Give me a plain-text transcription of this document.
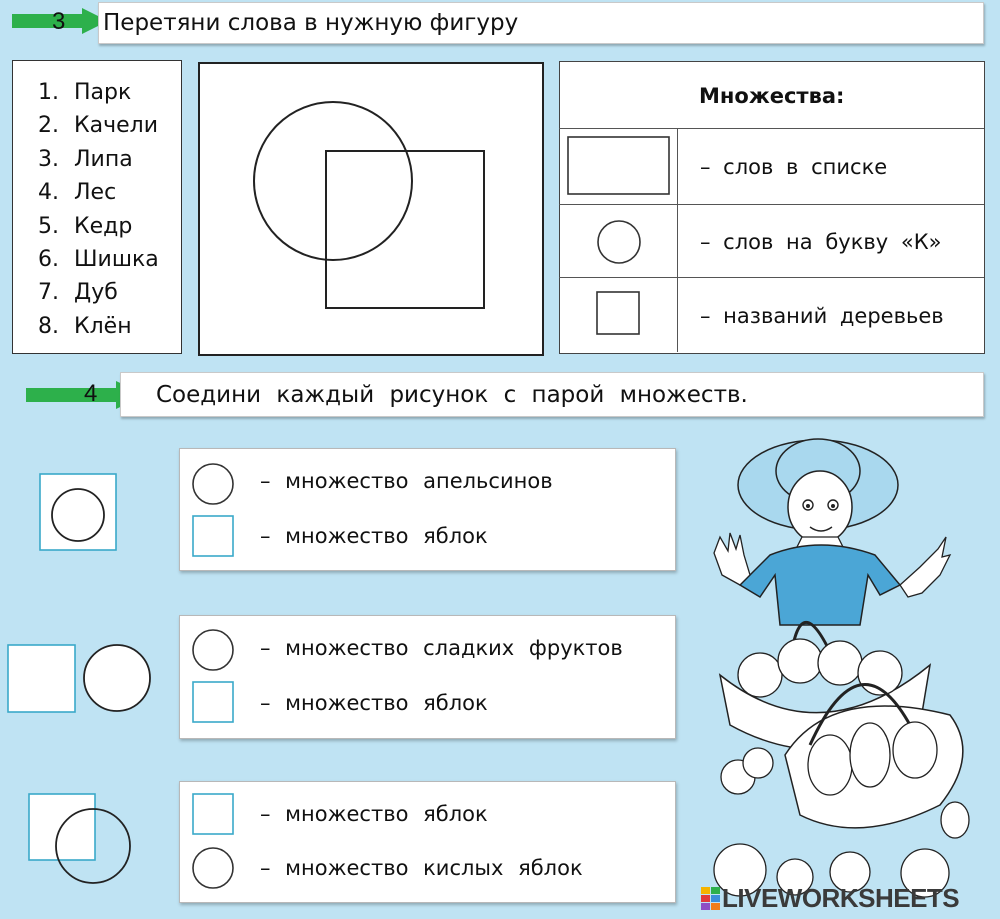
3 Перетяни слова в нужную фигуру
1. Парк
2. Качели
3. Липа
4. Лес
5. Кедр
6. Шишка
7. Дуб
8. Клён
Множества:
– слов в списке
– слов на букву «К»
– названий деревьев
4	Соедини каждый рисунок с парой множеств.
– множество апельсинов
– множество яблок
– множество сладких фруктов
– множество яблок
– множество яблок
– множество кислых яблок
LIVEWORKSHEETS
